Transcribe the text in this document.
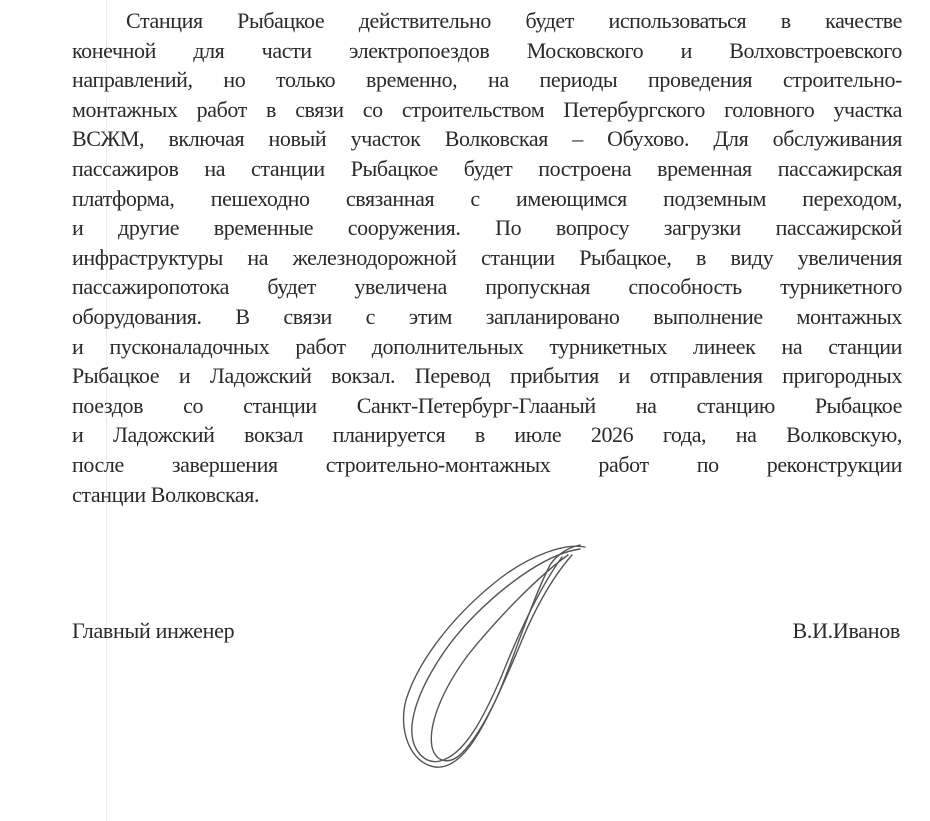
Станция Рыбацкое действительно будет использоваться в качестве
конечной для части электропоездов Московского и Волховстроевского
направлений, но только временно, на периоды проведения строительно-
монтажных работ в связи со строительством Петербургского головного участка
ВСЖМ, включая новый участок Волковская – Обухово. Для обслуживания
пассажиров на станции Рыбацкое будет построена временная пассажирская
платформа, пешеходно связанная с имеющимся подземным переходом,
и другие временные сооружения. По вопросу загрузки пассажирской
инфраструктуры на железнодорожной станции Рыбацкое, в виду увеличения
пассажиропотока будет увеличена пропускная способность турникетного
оборудования. В связи с этим запланировано выполнение монтажных
и пусконаладочных работ дополнительных турникетных линеек на станции
Рыбацкое и Ладожский вокзал. Перевод прибытия и отправления пригородных
поездов со станции Санкт-Петербург-Глааный на станцию Рыбацкое
и Ладожский вокзал планируется в июле 2026 года, на Волковскую,
после завершения строительно-монтажных работ по реконструкции
станции Волковская.
Главный инженер	В.И.Иванов
